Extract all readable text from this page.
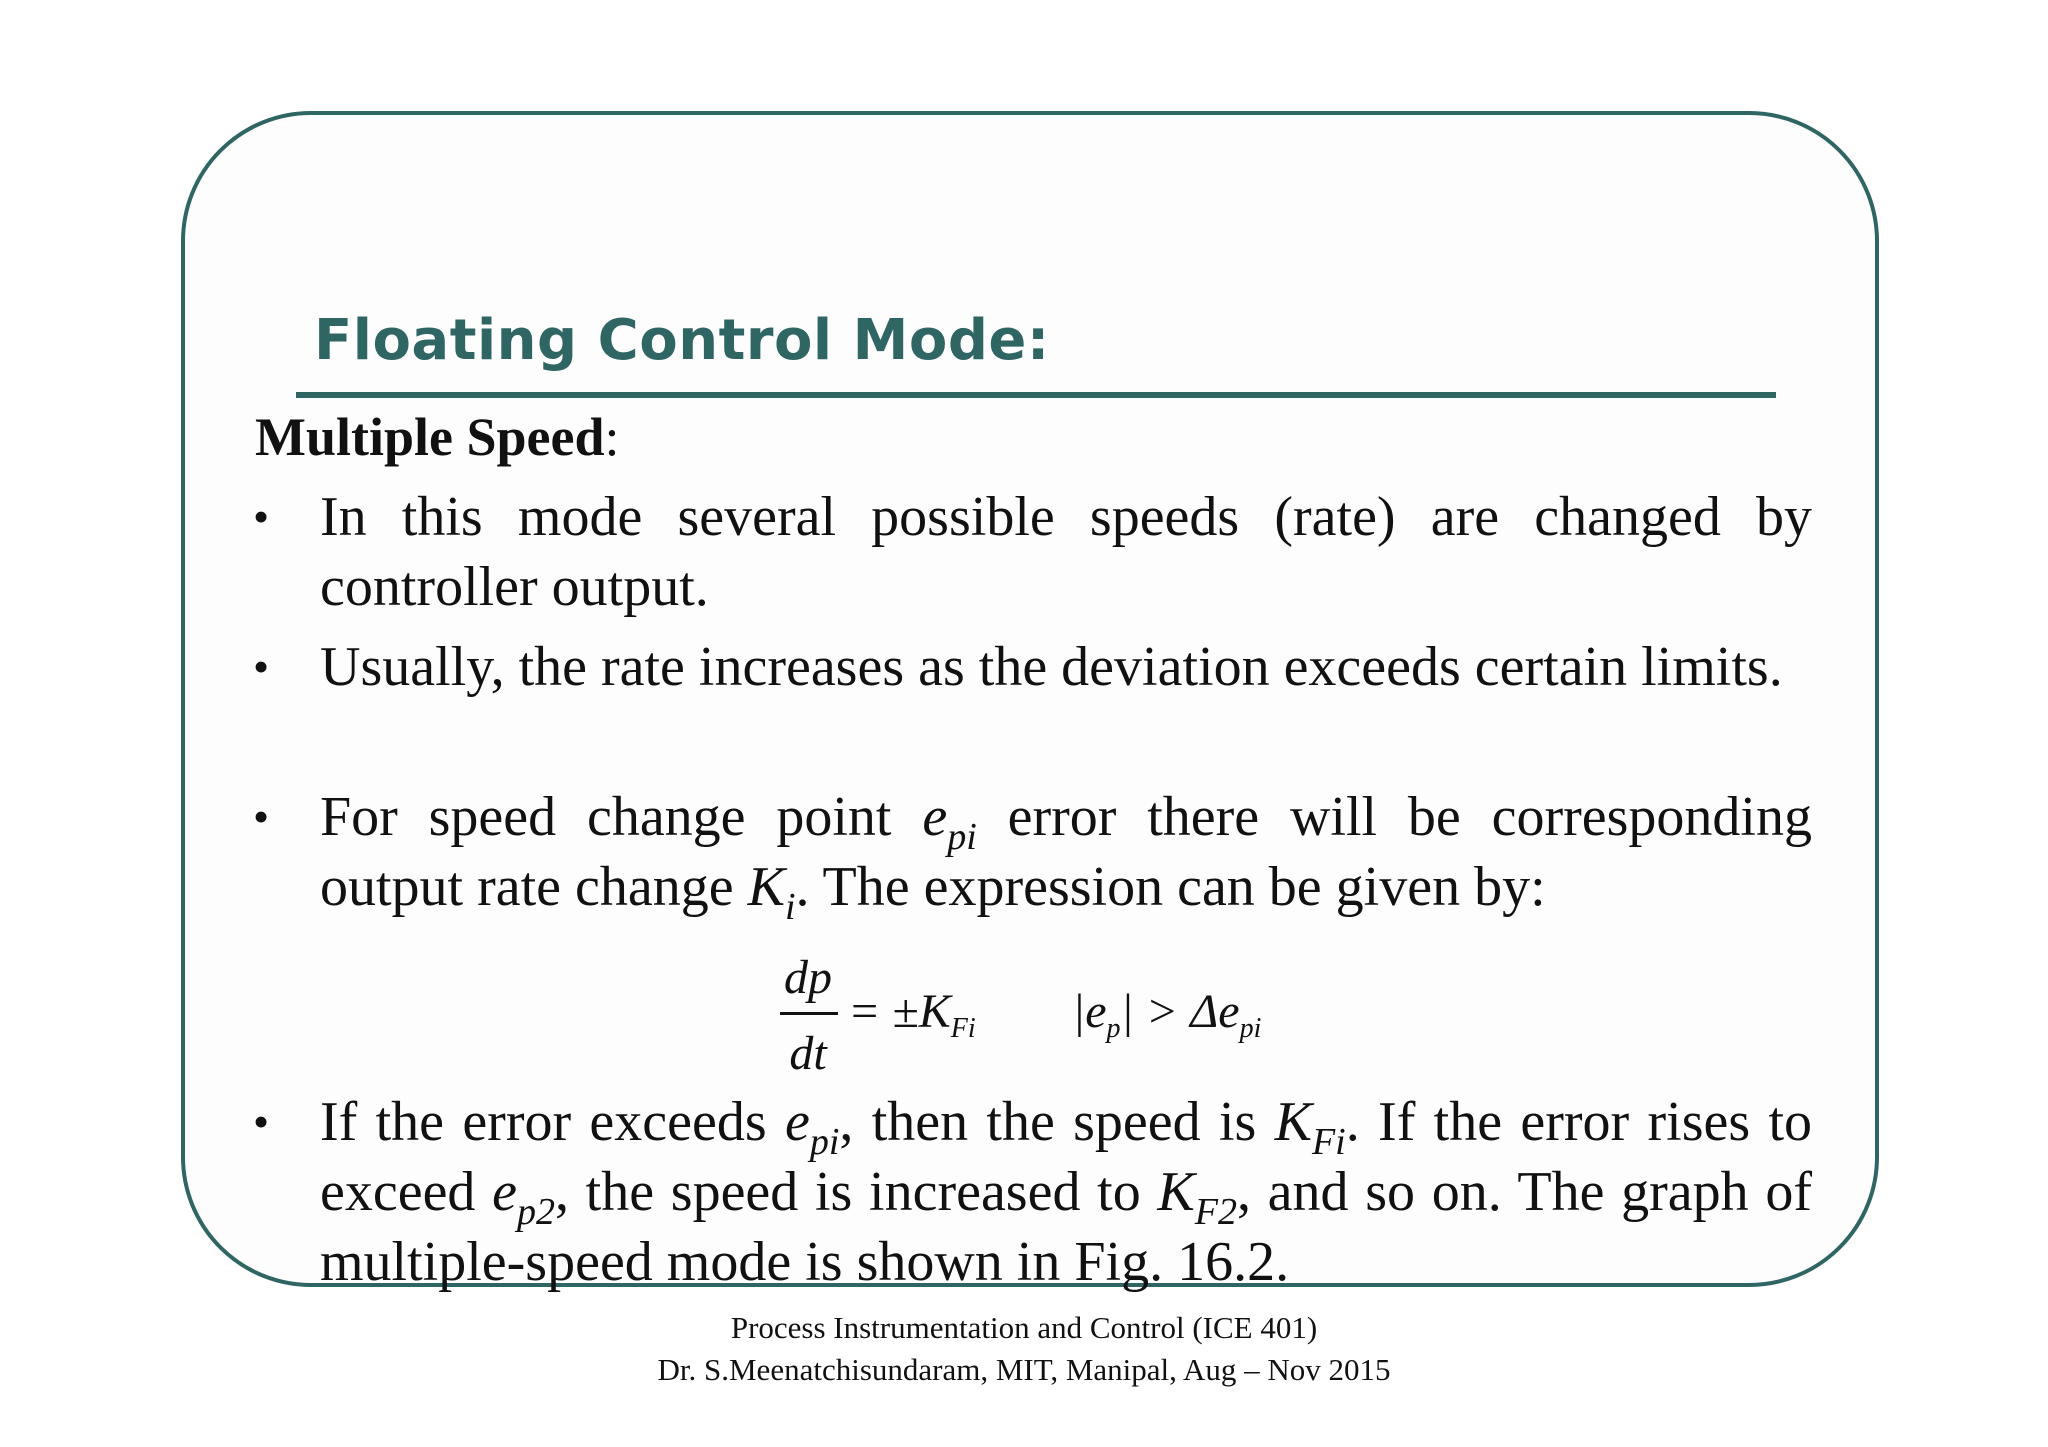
Floating Control Mode:
Multiple Speed:
• In this mode several possible speeds (rate) are changed by controller output.
• Usually, the rate increases as the deviation exceeds certain limits.
• For speed change point $e_{pi}$ error there will be corresponding output rate change $K_i$. The expression can be given by:
dp
dt
= $\pm K_{Fi}$ $|e_p| > \Delta e_{pi}$
• If the error exceeds $e_{pi}$, then the speed is $K_{Fi}$. If the error rises to exceed $e_{p2}$, the speed is increased to $K_{F2}$, and so on. The graph of multiple-speed mode is shown in Fig. 16.2.
Process Instrumentation and Control (ICE 401)
Dr. S.Meenatchisundaram, MIT, Manipal, Aug – Nov 2015
